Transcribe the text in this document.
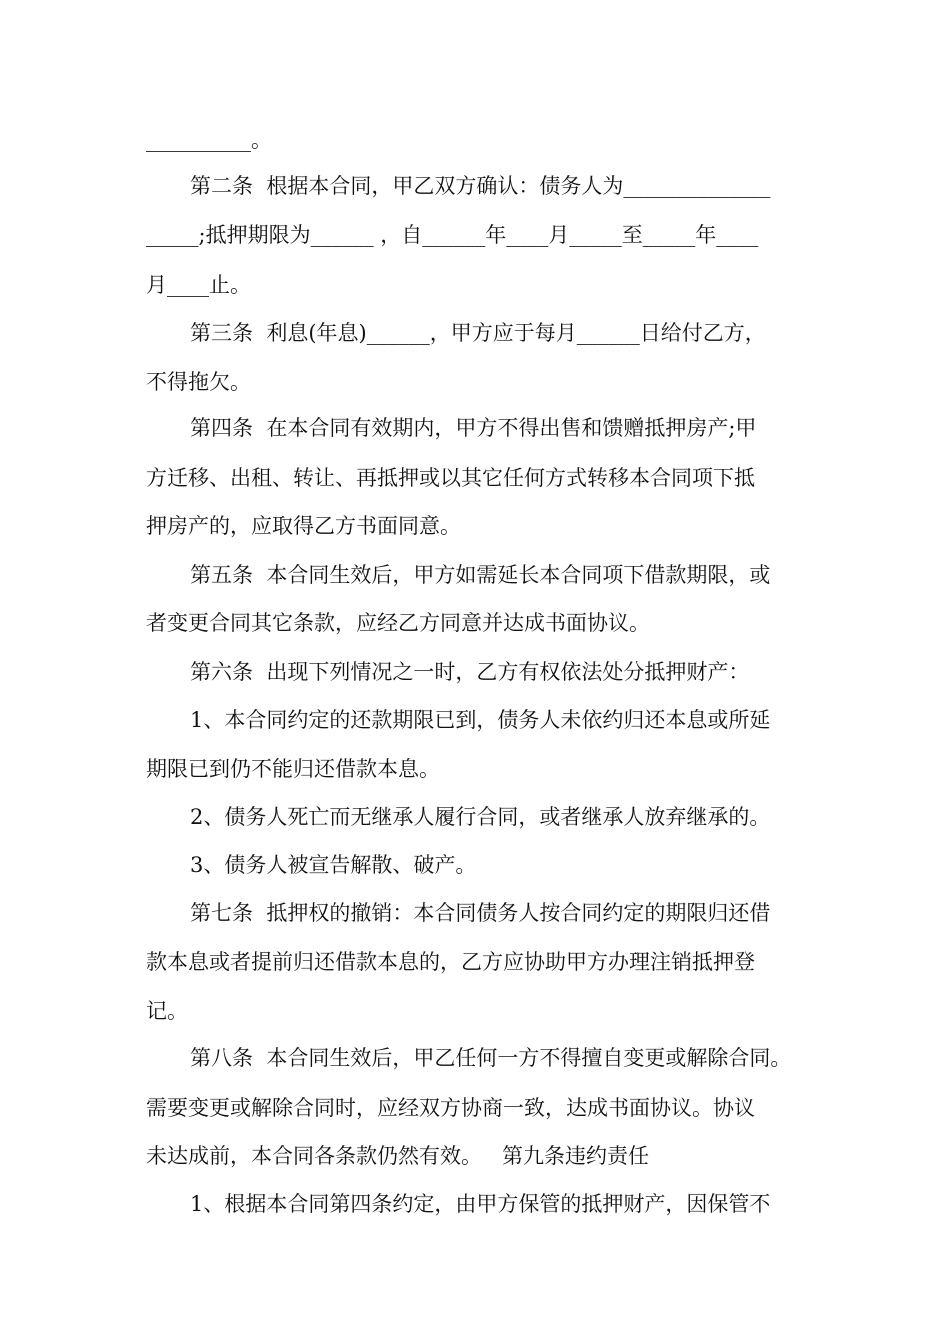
__________。
第二条  根据本合同，甲乙双方确认：债务人为______________
_____;抵押期限为______ ，自______年____月_____至_____年____
月____止。
第三条  利息(年息)______，甲方应于每月______日给付乙方，
不得拖欠。
第四条  在本合同有效期内，甲方不得出售和馈赠抵押房产;甲
方迁移、出租、转让、再抵押或以其它任何方式转移本合同项下抵
押房产的，应取得乙方书面同意。
第五条  本合同生效后，甲方如需延长本合同项下借款期限，或
者变更合同其它条款，应经乙方同意并达成书面协议。
第六条  出现下列情况之一时，乙方有权依法处分抵押财产：
1、本合同约定的还款期限已到，债务人未依约归还本息或所延
期限已到仍不能归还借款本息。
2、债务人死亡而无继承人履行合同，或者继承人放弃继承的。
3、债务人被宣告解散、破产。
第七条  抵押权的撤销：本合同债务人按合同约定的期限归还借
款本息或者提前归还借款本息的，乙方应协助甲方办理注销抵押登
记。
第八条  本合同生效后，甲乙任何一方不得擅自变更或解除合同。
需要变更或解除合同时，应经双方协商一致，达成书面协议。协议
未达成前，本合同各条款仍然有效。   第九条违约责任
1、根据本合同第四条约定，由甲方保管的抵押财产，因保管不
